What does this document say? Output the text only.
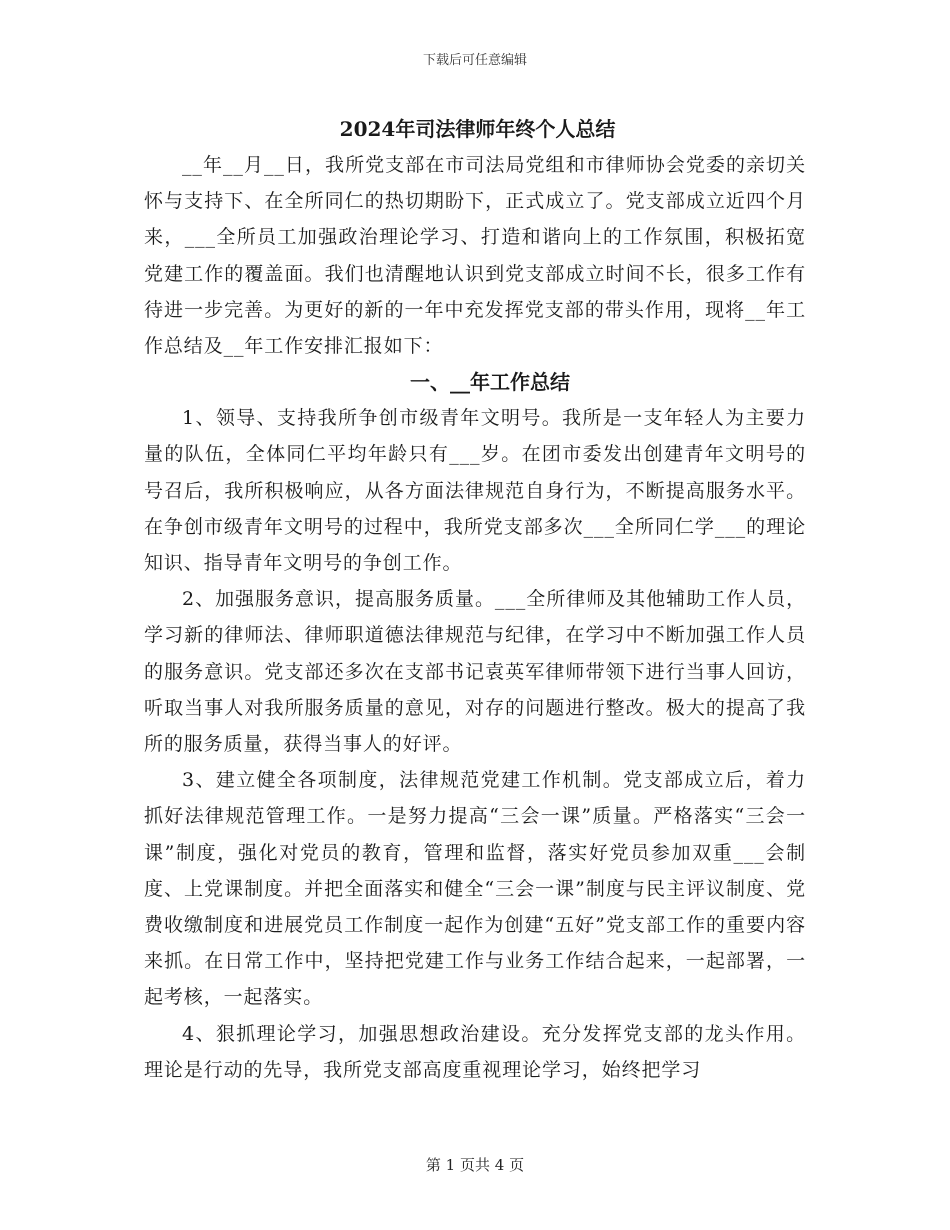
下载后可任意编辑
2024年司法律师年终个人总结

__年__月__日，我所党支部在市司法局党组和市律师协会党委的亲切关怀与支持下、在全所同仁的热切期盼下，正式成立了。党支部成立近四个月来，___全所员工加强政治理论学习、打造和谐向上的工作氛围，积极拓宽党建工作的覆盖面。我们也清醒地认识到党支部成立时间不长，很多工作有待进一步完善。为更好的新的一年中充发挥党支部的带头作用，现将__年工作总结及__年工作安排汇报如下：

一、__年工作总结

1、领导、支持我所争创市级青年文明号。我所是一支年轻人为主要力量的队伍，全体同仁平均年龄只有___岁。在团市委发出创建青年文明号的号召后，我所积极响应，从各方面法律规范自身行为，不断提高服务水平。在争创市级青年文明号的过程中，我所党支部多次___全所同仁学___的理论知识、指导青年文明号的争创工作。

2、加强服务意识，提高服务质量。___全所律师及其他辅助工作人员，学习新的律师法、律师职道德法律规范与纪律，在学习中不断加强工作人员的服务意识。党支部还多次在支部书记袁英军律师带领下进行当事人回访，听取当事人对我所服务质量的意见，对存的问题进行整改。极大的提高了我所的服务质量，获得当事人的好评。

3、建立健全各项制度，法律规范党建工作机制。党支部成立后，着力抓好法律规范管理工作。一是努力提高“三会一课”质量。严格落实“三会一课”制度，强化对党员的教育，管理和监督，落实好党员参加双重___会制度、上党课制度。并把全面落实和健全“三会一课”制度与民主评议制度、党费收缴制度和进展党员工作制度一起作为创建“五好”党支部工作的重要内容来抓。在日常工作中，坚持把党建工作与业务工作结合起来，一起部署，一起考核，一起落实。

4、狠抓理论学习，加强思想政治建设。充分发挥党支部的龙头作用。理论是行动的先导，我所党支部高度重视理论学习，始终把学习

第 1 页共 4 页
